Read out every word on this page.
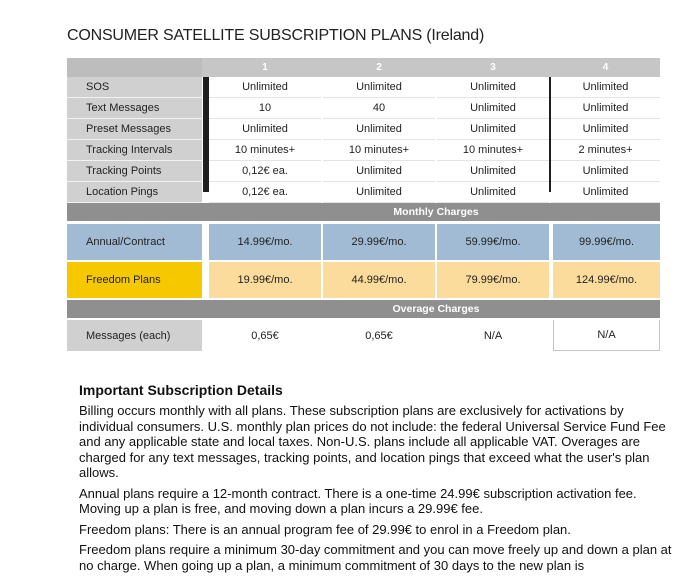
CONSUMER SATELLITE SUBSCRIPTION PLANS (Ireland)
1	2	3	4
SOS	Unlimited	Unlimited	Unlimited	Unlimited
Text Messages	10	40	Unlimited	Unlimited
Preset Messages	Unlimited	Unlimited	Unlimited	Unlimited
Tracking Intervals	10 minutes+	10 minutes+	10 minutes+	2 minutes+
Tracking Points	0,12€ ea.	Unlimited	Unlimited	Unlimited
Location Pings	0,12€ ea.	Unlimited	Unlimited	Unlimited
Monthly Charges
Annual/Contract	14.99€/mo.	29.99€/mo.	59.99€/mo.	99.99€/mo.
Freedom Plans	19.99€/mo.	44.99€/mo.	79.99€/mo.	124.99€/mo.
Overage Charges
Messages (each)	0,65€	0,65€	N/A	N/A
Important Subscription Details

Billing occurs monthly with all plans. These subscription plans are exclusively for activations by individual consumers. U.S. monthly plan prices do not include: the federal Universal Service Fund Fee and any applicable state and local taxes. Non-U.S. plans include all applicable VAT. Overages are charged for any text messages, tracking points, and location pings that exceed what the user's plan allows.

Annual plans require a 12-month contract. There is a one-time 24.99€ subscription activation fee. Moving up a plan is free, and moving down a plan incurs a 29.99€ fee.

Freedom plans: There is an annual program fee of 29.99€ to enrol in a Freedom plan.

Freedom plans require a minimum 30-day commitment and you can move freely up and down a plan at no charge. When going up a plan, a minimum commitment of 30 days to the new plan is
